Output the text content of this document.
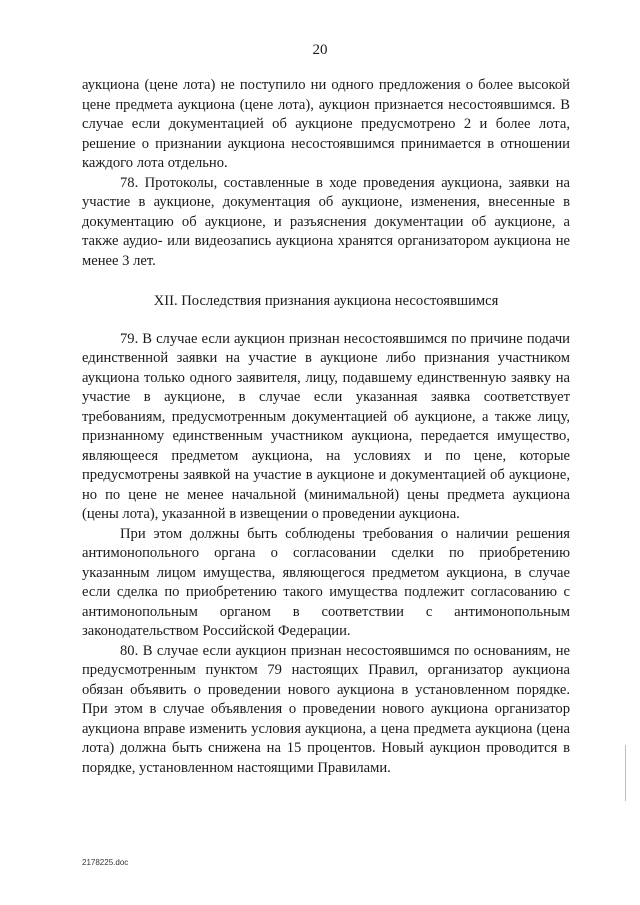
20

аукциона (цене лота) не поступило ни одного предложения о более высокой цене предмета аукциона (цене лота), аукцион признается несостоявшимся. В случае если документацией об аукционе предусмотрено 2 и более лота, решение о признании аукциона несостоявшимся принимается в отношении каждого лота отдельно.

78. Протоколы, составленные в ходе проведения аукциона, заявки на участие в аукционе, документация об аукционе, изменения, внесенные в документацию об аукционе, и разъяснения документации об аукционе, а также аудио- или видеозапись аукциона хранятся организатором аукциона не менее 3 лет.

XII. Последствия признания аукциона несостоявшимся

79. В случае если аукцион признан несостоявшимся по причине подачи единственной заявки на участие в аукционе либо признания участником аукциона только одного заявителя, лицу, подавшему единственную заявку на участие в аукционе, в случае если указанная заявка соответствует требованиям, предусмотренным документацией об аукционе, а также лицу, признанному единственным участником аукциона, передается имущество, являющееся предметом аукциона, на условиях и по цене, которые предусмотрены заявкой на участие в аукционе и документацией об аукционе, но по цене не менее начальной (минимальной) цены предмета аукциона (цены лота), указанной в извещении о проведении аукциона.

При этом должны быть соблюдены требования о наличии решения антимонопольного органа о согласовании сделки по приобретению указанным лицом имущества, являющегося предметом аукциона, в случае если сделка по приобретению такого имущества подлежит согласованию с антимонопольным органом в соответствии с антимонопольным законодательством Российской Федерации.

80. В случае если аукцион признан несостоявшимся по основаниям, не предусмотренным пунктом 79 настоящих Правил, организатор аукциона обязан объявить о проведении нового аукциона в установленном порядке. При этом в случае объявления о проведении нового аукциона организатор аукциона вправе изменить условия аукциона, а цена предмета аукциона (цена лота) должна быть снижена на 15 процентов. Новый аукцион проводится в порядке, установленном настоящими Правилами.

2178225.doc
